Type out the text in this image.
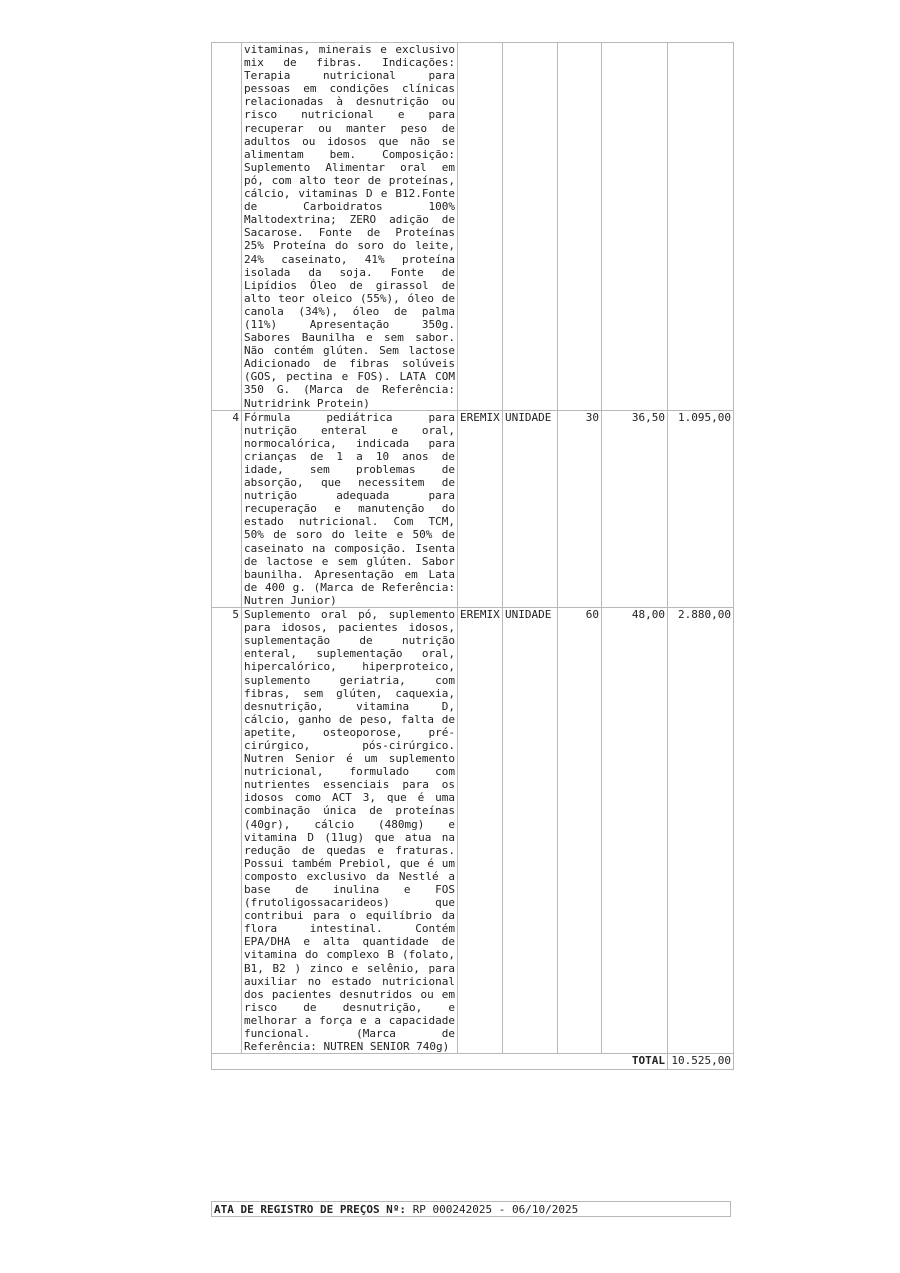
	vitaminas, minerais e exclusivo mix de fibras. Indicações: Terapia nutricional para pessoas em condições clínicas relacionadas à desnutrição ou risco nutricional e para recuperar ou manter peso de adultos ou idosos que não se alimentam bem. Composição: Suplemento Alimentar oral em pó, com alto teor de proteínas, cálcio, vitaminas D e B12.Fonte de Carboidratos 100% Maltodextrina; ZERO adição de Sacarose. Fonte de Proteínas 25% Proteína do soro do leite, 24% caseinato, 41% proteína isolada da soja. Fonte de Lipídios Óleo de girassol de alto teor oleico (55%), óleo de canola (34%), óleo de palma (11%) Apresentação 350g. Sabores Baunilha e sem sabor. Não contém glúten. Sem lactose Adicionado de fibras solúveis (GOS, pectina e FOS). LATA COM 350 G. (Marca de Referência: Nutridrink Protein)					
4	Fórmula pediátrica para nutrição enteral e oral, normocalórica, indicada para crianças de 1 a 10 anos de idade, sem problemas de absorção, que necessitem de nutrição adequada para recuperação e manutenção do estado nutricional. Com TCM, 50% de soro do leite e 50% de caseinato na composição. Isenta de lactose e sem glúten. Sabor baunilha. Apresentação em Lata de 400 g. (Marca de Referência: Nutren Junior)	EREMIX	UNIDADE	30	36,50	1.095,00
5	Suplemento oral pó, suplemento para idosos, pacientes idosos, suplementação de nutrição enteral, suplementação oral, hipercalórico, hiperproteico, suplemento geriatria, com fibras, sem glúten, caquexia, desnutrição, vitamina D, cálcio, ganho de peso, falta de apetite, osteoporose, pré-cirúrgico, pós-cirúrgico. Nutren Senior é um suplemento nutricional, formulado com nutrientes essenciais para os idosos como ACT 3, que é uma combinação única de proteínas (40gr), cálcio (480mg) e vitamina D (11ug) que atua na redução de quedas e fraturas. Possui também Prebiol, que é um composto exclusivo da Nestlé a base de inulina e FOS (frutoligossacarideos) que contribui para o equilíbrio da flora intestinal. Contém EPA/DHA e alta quantidade de vitamina do complexo B (folato, B1, B2 ) zinco e selênio, para auxiliar no estado nutricional dos pacientes desnutridos ou em risco de desnutrição, e melhorar a força e a capacidade funcional. (Marca de Referência: NUTREN SENIOR 740g)	EREMIX	UNIDADE	60	48,00	2.880,00
TOTAL						10.525,00
ATA DE REGISTRO DE PREÇOS Nº: RP 000242025 - 06/10/2025
